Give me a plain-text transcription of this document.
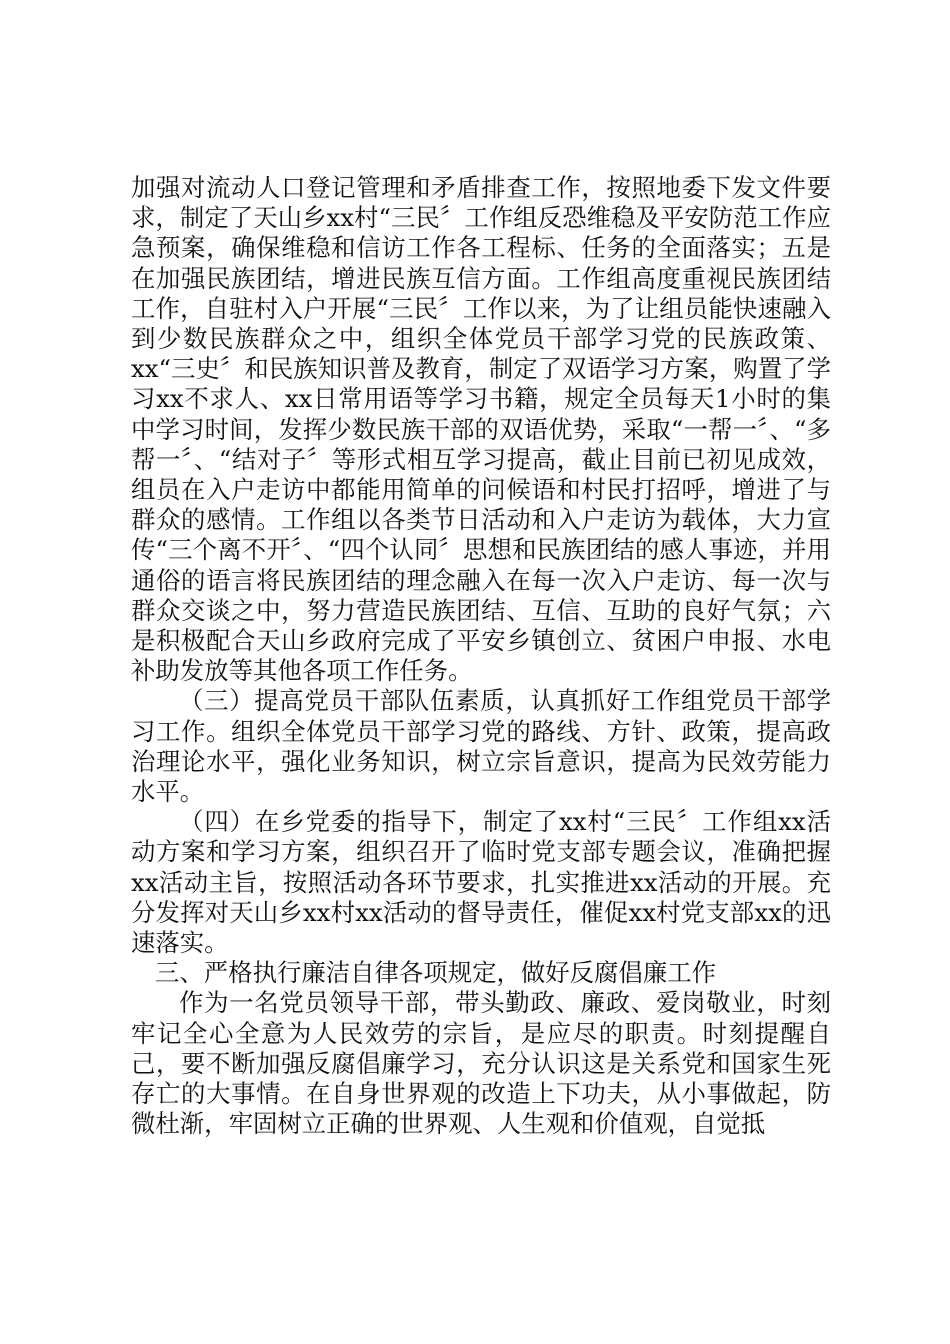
加强对流动人口登记管理和矛盾排查工作，按照地委下发文件要求，制定了天山乡xx村“三民〞工作组反恐维稳及平安防范工作应急预案，确保维稳和信访工作各工程标、任务的全面落实；五是在加强民族团结，增进民族互信方面。工作组高度重视民族团结工作，自驻村入户开展“三民〞工作以来，为了让组员能快速融入到少数民族群众之中，组织全体党员干部学习党的民族政策、xx“三史〞和民族知识普及教育，制定了双语学习方案，购置了学习xx不求人、xx日常用语等学习书籍，规定全员每天1小时的集中学习时间，发挥少数民族干部的双语优势，采取“一帮一〞、“多帮一〞、“结对子〞等形式相互学习提高，截止目前已初见成效，组员在入户走访中都能用简单的问候语和村民打招呼，增进了与群众的感情。工作组以各类节日活动和入户走访为载体，大力宣传“三个离不开〞、“四个认同〞思想和民族团结的感人事迹，并用通俗的语言将民族团结的理念融入在每一次入户走访、每一次与群众交谈之中，努力营造民族团结、互信、互助的良好气氛；六是积极配合天山乡政府完成了平安乡镇创立、贫困户申报、水电补助发放等其他各项工作任务。

（三）提高党员干部队伍素质，认真抓好工作组党员干部学习工作。组织全体党员干部学习党的路线、方针、政策，提高政治理论水平，强化业务知识，树立宗旨意识，提高为民效劳能力水平。

（四）在乡党委的指导下，制定了xx村“三民〞工作组xx活动方案和学习方案，组织召开了临时党支部专题会议，准确把握xx活动主旨，按照活动各环节要求，扎实推进xx活动的开展。充分发挥对天山乡xx村xx活动的督导责任，催促xx村党支部xx的迅速落实。

三、严格执行廉洁自律各项规定，做好反腐倡廉工作

作为一名党员领导干部，带头勤政、廉政、爱岗敬业，时刻牢记全心全意为人民效劳的宗旨，是应尽的职责。时刻提醒自己，要不断加强反腐倡廉学习，充分认识这是关系党和国家生死存亡的大事情。在自身世界观的改造上下功夫，从小事做起，防微杜渐，牢固树立正确的世界观、人生观和价值观，自觉抵
